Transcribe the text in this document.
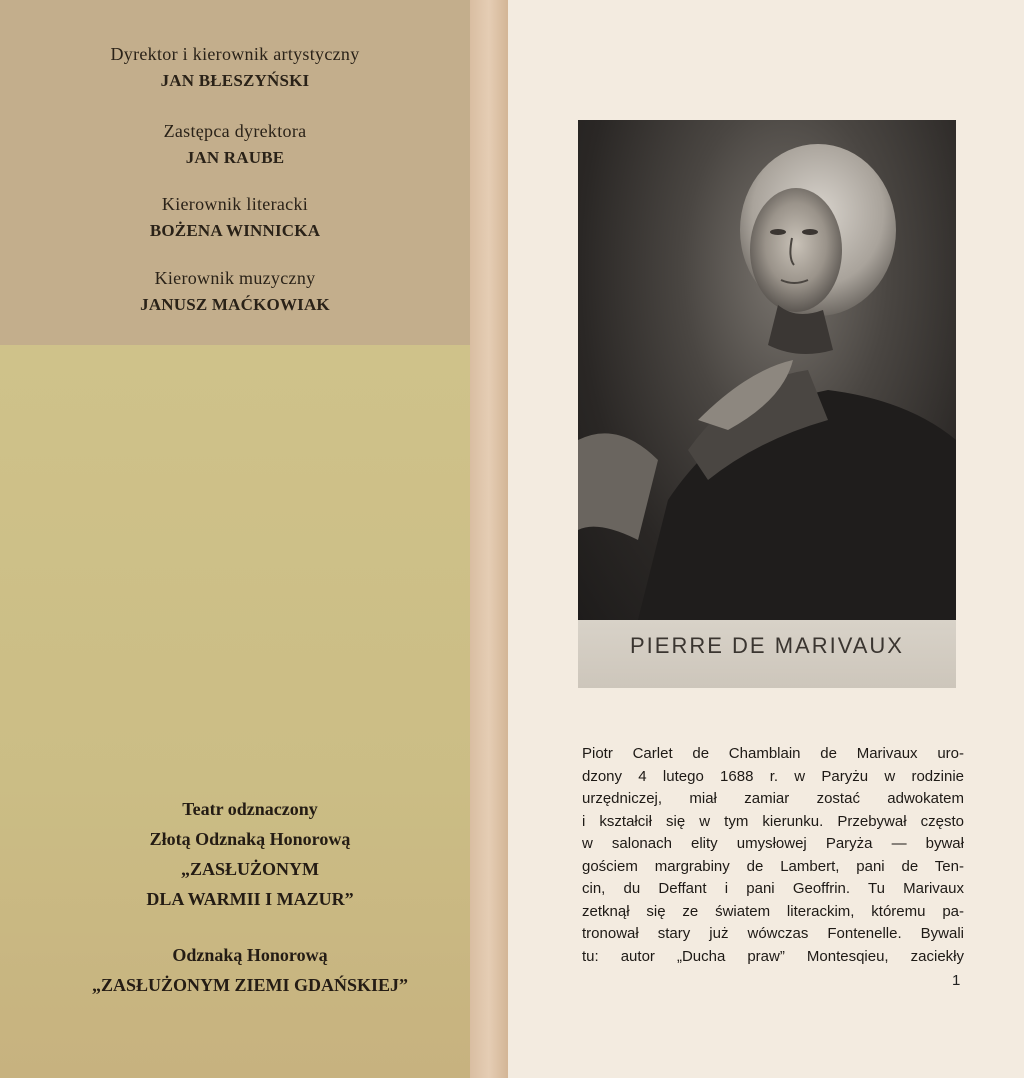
Dyrektor i kierownik artystyczny
JAN BŁESZYŃSKI
Zastępca dyrektora
JAN RAUBE
Kierownik literacki
BOŻENA WINNICKA
Kierownik muzyczny
JANUSZ MAĆKOWIAK
Teatr odznaczony
Złotą Odznaką Honorową
„ZASŁUŻONYM
DLA WARMII I MAZUR”
Odznaką Honorową
„ZASŁUŻONYM ZIEMI GDAŃSKIEJ”
PIERRE DE MARIVAUX
Piotr Carlet de Chamblain de Marivaux uro-
dzony 4 lutego 1688 r. w Paryżu w rodzinie
urzędniczej, miał zamiar zostać adwokatem
i kształcił się w tym kierunku. Przebywał często
w salonach elity umysłowej Paryża — bywał
gościem margrabiny de Lambert, pani de Ten-
cin, du Deffant i pani Geoffrin. Tu Marivaux
zetknął się ze światem literackim, któremu pa-
tronował stary już wówczas Fontenelle. Bywali
tu: autor „Ducha praw” Montesqieu, zaciekły
1
